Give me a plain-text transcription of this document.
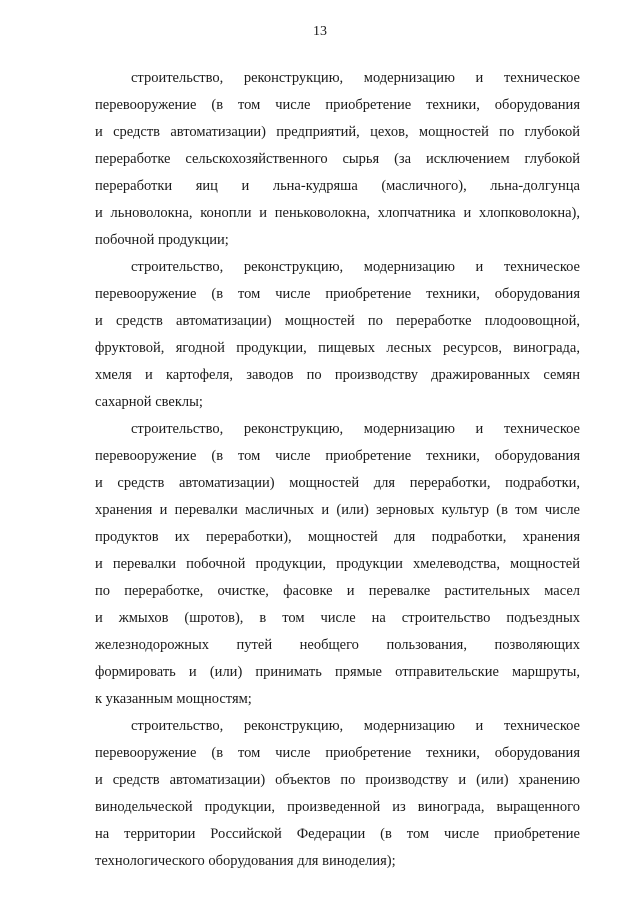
13
строительство, реконструкцию, модернизацию и техническое
перевооружение (в том числе приобретение техники, оборудования
и средств автоматизации) предприятий, цехов, мощностей по глубокой
переработке сельскохозяйственного сырья (за исключением глубокой
переработки яиц и льна-кудряша (масличного), льна-долгунца
и льноволокна, конопли и пеньковолокна, хлопчатника и хлопковолокна),
побочной продукции;
строительство, реконструкцию, модернизацию и техническое
перевооружение (в том числе приобретение техники, оборудования
и средств автоматизации) мощностей по переработке плодоовощной,
фруктовой, ягодной продукции, пищевых лесных ресурсов, винограда,
хмеля и картофеля, заводов по производству дражированных семян
сахарной свеклы;
строительство, реконструкцию, модернизацию и техническое
перевооружение (в том числе приобретение техники, оборудования
и средств автоматизации) мощностей для переработки, подработки,
хранения и перевалки масличных и (или) зерновых культур (в том числе
продуктов их переработки), мощностей для подработки, хранения
и перевалки побочной продукции, продукции хмелеводства, мощностей
по переработке, очистке, фасовке и перевалке растительных масел
и жмыхов (шротов), в том числе на строительство подъездных
железнодорожных путей необщего пользования, позволяющих
формировать и (или) принимать прямые отправительские маршруты,
к указанным мощностям;
строительство, реконструкцию, модернизацию и техническое
перевооружение (в том числе приобретение техники, оборудования
и средств автоматизации) объектов по производству и (или) хранению
винодельческой продукции, произведенной из винограда, выращенного
на территории Российской Федерации (в том числе приобретение
технологического оборудования для виноделия);
